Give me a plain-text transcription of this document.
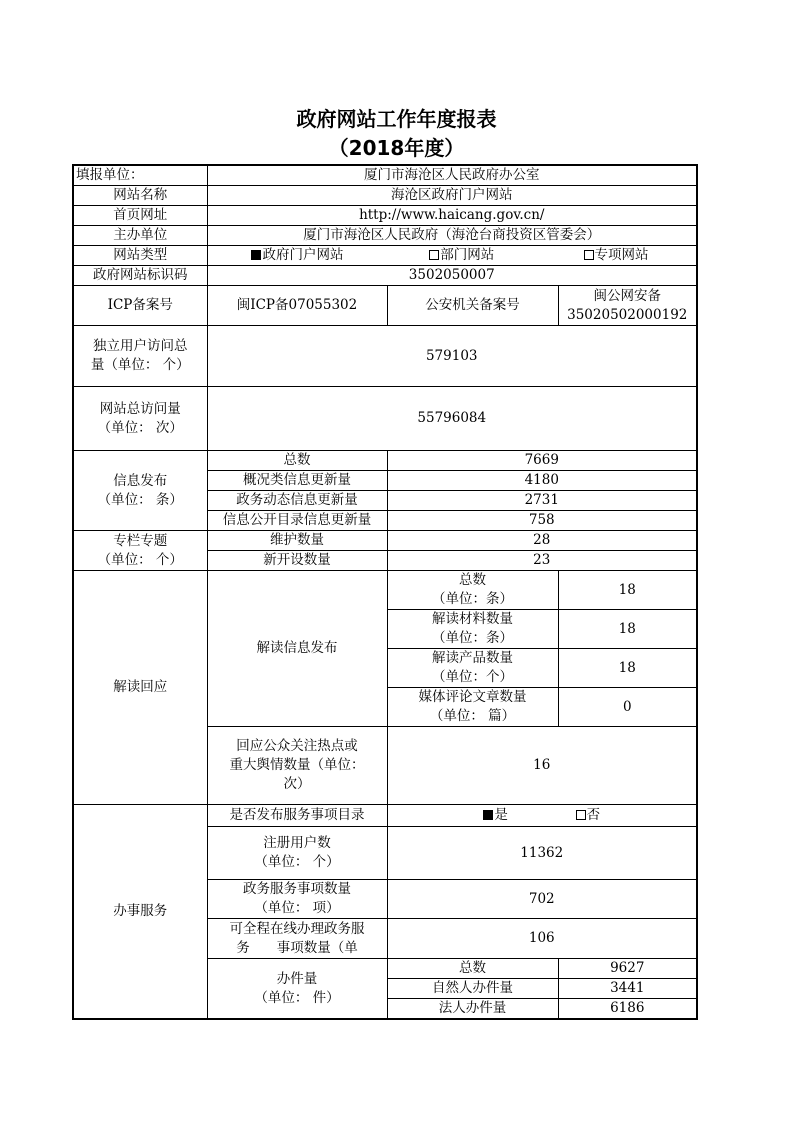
政府网站工作年度报表
（2018年度）
填报单位：	厦门市海沧区人民政府办公室		
网站名称	海沧区政府门户网站		
首页网址	http://www.haicang.gov.cn/		
主办单位	厦门市海沧区人民政府（海沧台商投资区管委会）		
网站类型	政府门户网站 部门网站 专项网站		
政府网站标识码	3502050007		
ICP备案号	闽ICP备07055302	公安机关备案号	闽公网安备
35020502000192

独立用户访问总
量（单位： 个）	579103		

网站总访问量
（单位： 次）	55796084		

信息发布
（单位： 条）	总数	7669	
	概况类信息更新量	4180	
	政务动态信息更新量	2731	
	信息公开目录信息更新量	758	

专栏专题
（单位： 个）	维护数量	28	
	新开设数量	23	
解读回应	解读信息发布	总数
（单位：条）	18

		解读材料数量
（单位：条）	18

		解读产品数量
（单位：个）	18

		媒体评论文章数量
（单位： 篇）	0

	回应公众关注热点或
重大舆情数量（单位：
次）	16	
办事服务	是否发布服务事项目录	是 否	

	注册用户数
（单位： 个）	11362	

	政务服务事项数量
（单位： 项）	702	

	可全程在线办理政务服
务　　事项数量（单	106	

	办件量
（单位： 件）	总数	9627
		自然人办件量	3441
		法人办件量	6186
